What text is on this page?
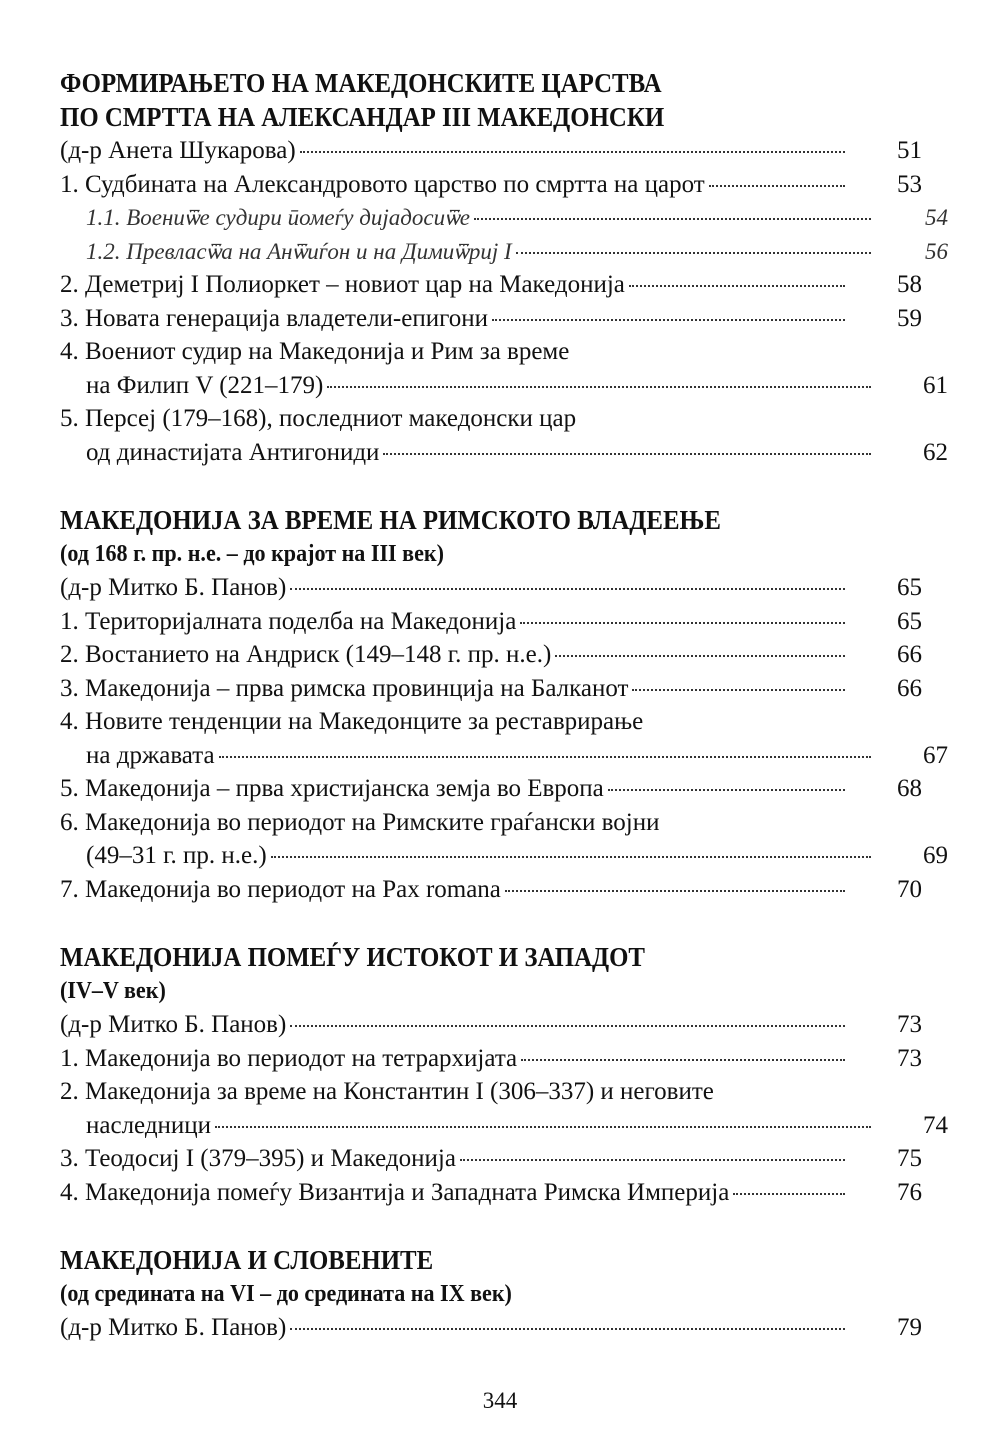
ФОРМИРАЊЕТО НА МАКЕДОНСКИТЕ ЦАРСТВА
ПО СМРТТА НА АЛЕКСАНДАР III МАКЕДОНСКИ
(д-р Анета Шукарова)	51
1. Судбината на Александровото царство по смртта на царот	53
1.1. Воениѿе судири ӣомеѓу дијадосиѿе	54
1.2. Превласѿа на Анѿиѓон и на Димиѿриј I	56
2. Деметриј I Полиоркет – новиот цар на Македонија	58
3. Новата генерација владетели-епигони	59
4. Воениот судир на Македонија и Рим за време
на Филип V (221–179)	61
5. Персеј (179–168), последниот македонски цар
од династијата Антигониди	62
МАКЕДОНИЈА ЗА ВРЕМЕ НА РИМСКОТО ВЛАДЕЕЊЕ
(од 168 г. пр. н.е. – до крајот на III век)
(д-р Митко Б. Панов)	65
1. Територијалната поделба на Македонија	65
2. Востанието на Андриск (149–148 г. пр. н.е.)	66
3. Македонија – прва римска провинција на Балканот	66
4. Новите тенденции на Македонците за реставрирање
на државата	67
5. Македонија – прва христијанска земја во Европа	68
6. Македонија во периодот на Римските граѓански војни
(49–31 г. пр. н.е.)	69
7. Македонија во периодот на Pax romana	70
МАКЕДОНИЈА ПОМЕЃУ ИСТОКОТ И ЗАПАДОТ
(IV–V век)
(д-р Митко Б. Панов)	73
1. Македонија во периодот на тетрархијата	73
2. Македонија за време на Константин I (306–337) и неговите
наследници	74
3. Теодосиј I (379–395) и Македонија	75
4. Македонија помеѓу Византија и Западната Римска Империја	76
МАКЕДОНИЈА И СЛОВЕНИТЕ
(од средината на VI – до средината на IX век)
(д-р Митко Б. Панов)	79
344
